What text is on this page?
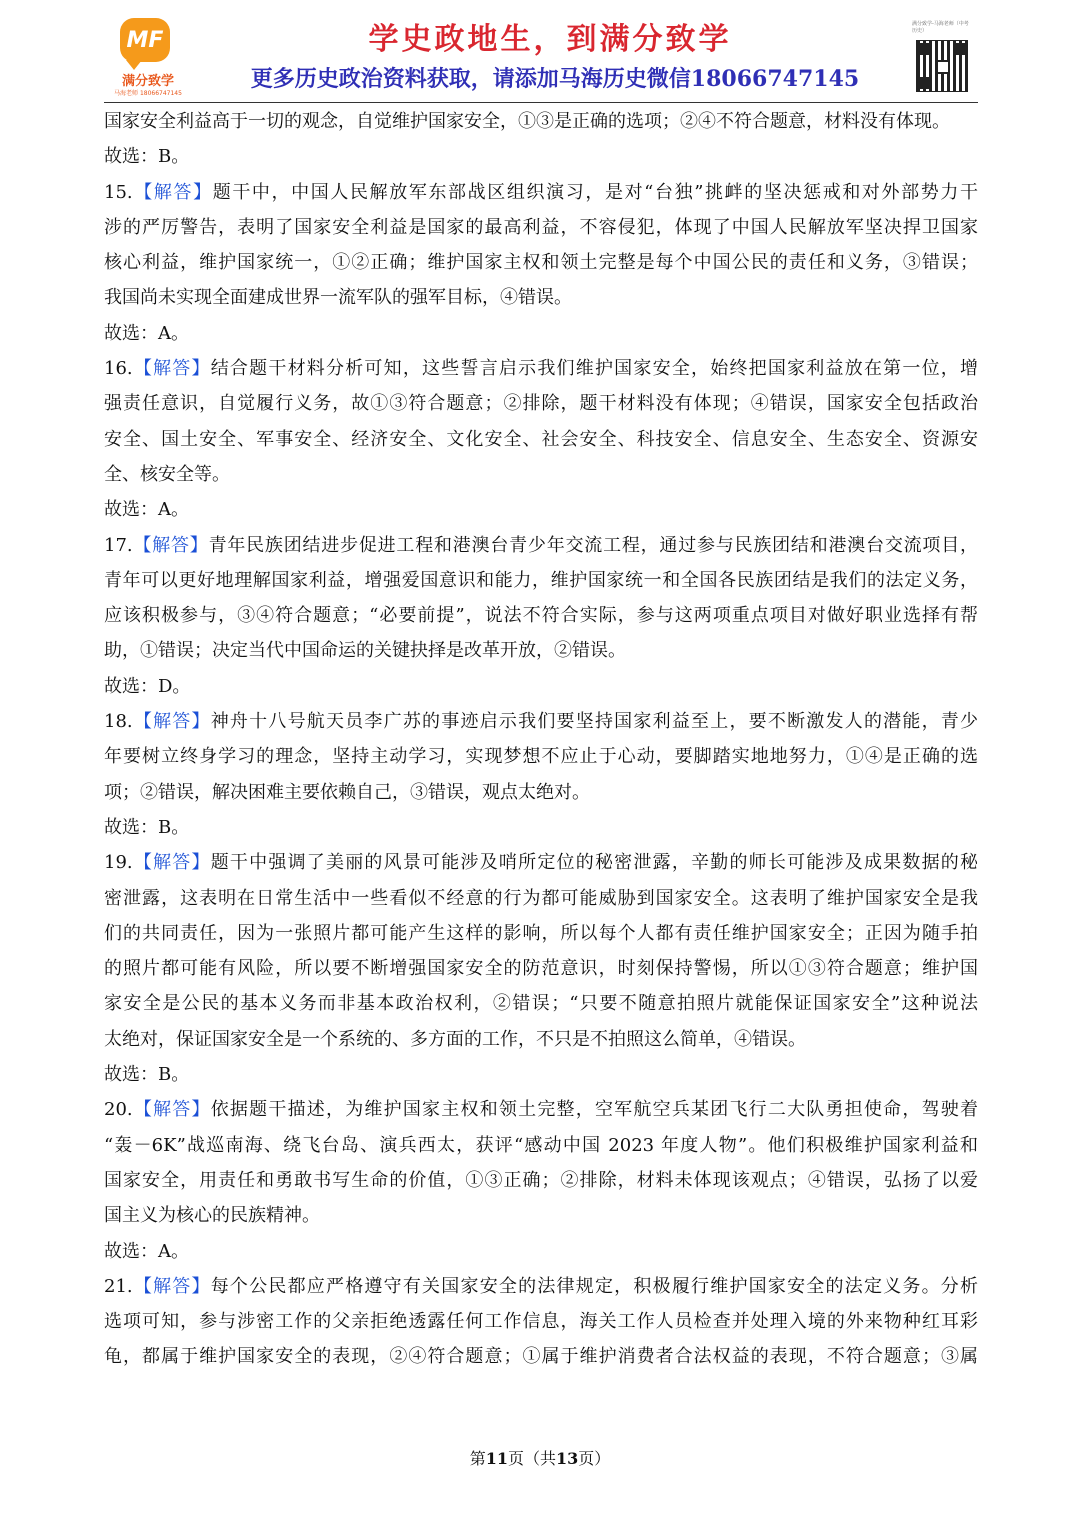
MF
满分致学
马海老师 18066747145
学史政地生，到满分致学
更多历史政治资料获取，请添加马海历史微信18066747145
满分致学-马海老师（中考历史）
国家安全利益高于一切的观念，自觉维护国家安全，①③是正确的选项；②④不符合题意，材料没有体现。
故选：B。
15.【解答】题干中，中国人民解放军东部战区组织演习，是对“台独”挑衅的坚决惩戒和对外部势力干
涉的严厉警告，表明了国家安全利益是国家的最高利益，不容侵犯，体现了中国人民解放军坚决捍卫国家
核心利益，维护国家统一，①②正确；维护国家主权和领土完整是每个中国公民的责任和义务，③错误；
我国尚未实现全面建成世界一流军队的强军目标，④错误。
故选：A。
16.【解答】结合题干材料分析可知，这些誓言启示我们维护国家安全，始终把国家利益放在第一位，增
强责任意识，自觉履行义务，故①③符合题意；②排除，题干材料没有体现；④错误，国家安全包括政治
安全、国土安全、军事安全、经济安全、文化安全、社会安全、科技安全、信息安全、生态安全、资源安
全、核安全等。
故选：A。
17.【解答】青年民族团结进步促进工程和港澳台青少年交流工程，通过参与民族团结和港澳台交流项目，
青年可以更好地理解国家利益，增强爱国意识和能力，维护国家统一和全国各民族团结是我们的法定义务，
应该积极参与，③④符合题意；“必要前提”，说法不符合实际，参与这两项重点项目对做好职业选择有帮
助，①错误；决定当代中国命运的关键抉择是改革开放，②错误。
故选：D。
18.【解答】神舟十八号航天员李广苏的事迹启示我们要坚持国家利益至上，要不断激发人的潜能，青少
年要树立终身学习的理念，坚持主动学习，实现梦想不应止于心动，要脚踏实地地努力，①④是正确的选
项；②错误，解决困难主要依赖自己，③错误，观点太绝对。
故选：B。
19.【解答】题干中强调了美丽的风景可能涉及哨所定位的秘密泄露，辛勤的师长可能涉及成果数据的秘
密泄露，这表明在日常生活中一些看似不经意的行为都可能威胁到国家安全。这表明了维护国家安全是我
们的共同责任，因为一张照片都可能产生这样的影响，所以每个人都有责任维护国家安全；正因为随手拍
的照片都可能有风险，所以要不断增强国家安全的防范意识，时刻保持警惕，所以①③符合题意；维护国
家安全是公民的基本义务而非基本政治权利，②错误；“只要不随意拍照片就能保证国家安全”这种说法
太绝对，保证国家安全是一个系统的、多方面的工作，不只是不拍照这么简单，④错误。
故选：B。
20.【解答】依据题干描述，为维护国家主权和领土完整，空军航空兵某团飞行二大队勇担使命，驾驶着
“轰－6K”战巡南海、绕飞台岛、演兵西太，获评“感动中国 2023 年度人物”。他们积极维护国家利益和
国家安全，用责任和勇敢书写生命的价值，①③正确；②排除，材料未体现该观点；④错误，弘扬了以爱
国主义为核心的民族精神。
故选：A。
21.【解答】每个公民都应严格遵守有关国家安全的法律规定，积极履行维护国家安全的法定义务。分析
选项可知，参与涉密工作的父亲拒绝透露任何工作信息，海关工作人员检查并处理入境的外来物种红耳彩
龟，都属于维护国家安全的表现，②④符合题意；①属于维护消费者合法权益的表现，不符合题意；③属
第11页（共13页）
